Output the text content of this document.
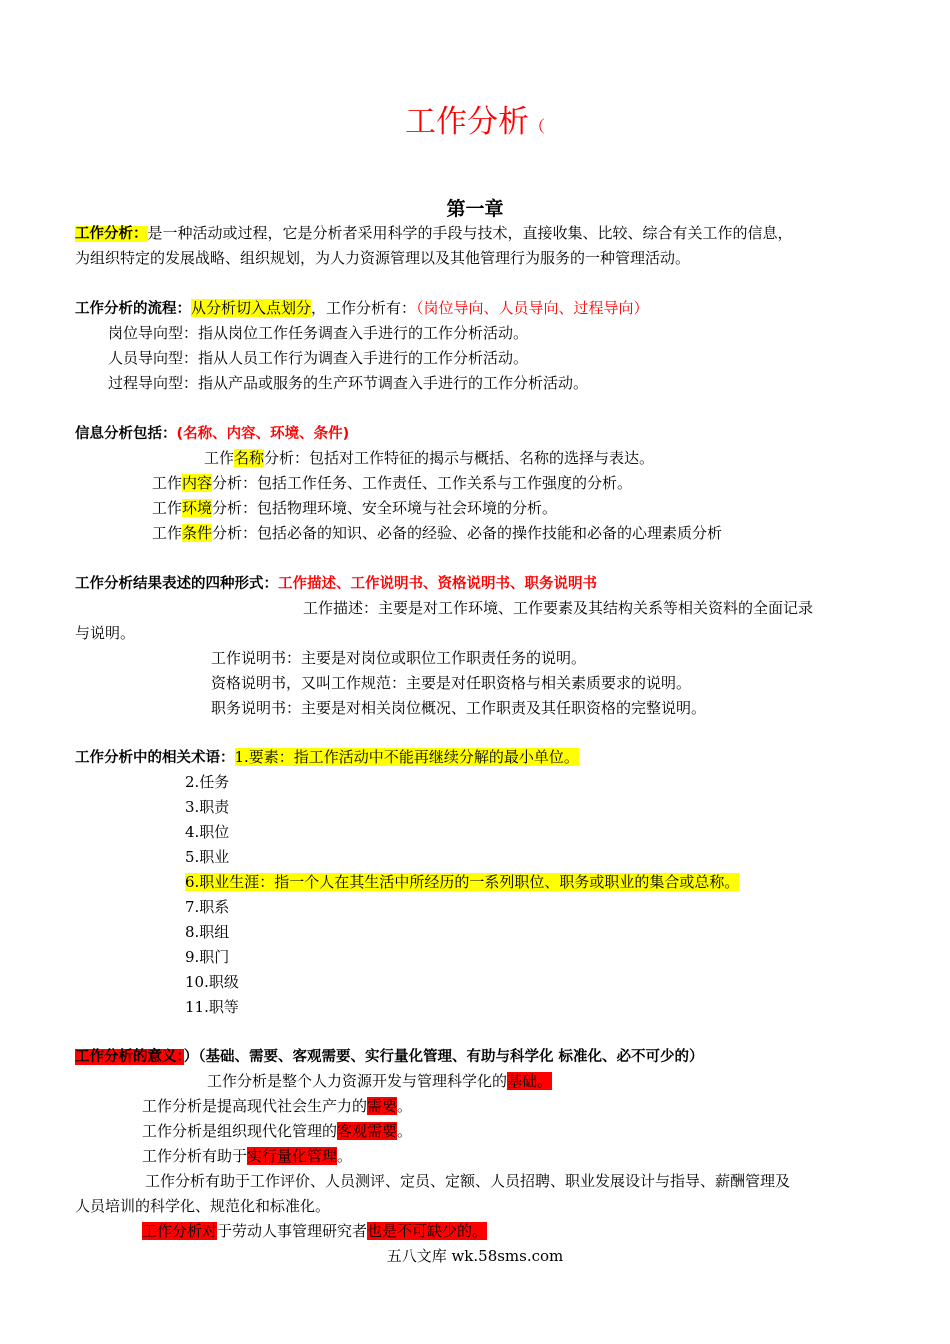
工作分析（
第一章
工作分析：是一种活动或过程，它是分析者采用科学的手段与技术，直接收集、比较、综合有关工作的信息，
为组织特定的发展战略、组织规划，为人力资源管理以及其他管理行为服务的一种管理活动。
工作分析的流程：从分析切入点划分，工作分析有：（岗位导向、人员导向、过程导向）
岗位导向型：指从岗位工作任务调查入手进行的工作分析活动。
人员导向型：指从人员工作行为调查入手进行的工作分析活动。
过程导向型：指从产品或服务的生产环节调查入手进行的工作分析活动。
信息分析包括：(名称、内容、环境、条件)
工作名称分析：包括对工作特征的揭示与概括、名称的选择与表达。
工作内容分析：包括工作任务、工作责任、工作关系与工作强度的分析。
工作环境分析：包括物理环境、安全环境与社会环境的分析。
工作条件分析：包括必备的知识、必备的经验、必备的操作技能和必备的心理素质分析
工作分析结果表述的四种形式：工作描述、工作说明书、资格说明书、职务说明书
工作描述：主要是对工作环境、工作要素及其结构关系等相关资料的全面记录
与说明。
工作说明书：主要是对岗位或职位工作职责任务的说明。
资格说明书，又叫工作规范：主要是对任职资格与相关素质要求的说明。
职务说明书：主要是对相关岗位概况、工作职责及其任职资格的完整说明。
工作分析中的相关术语：1.要素：指工作活动中不能再继续分解的最小单位。
2.任务
3.职责
4.职位
5.职业
6.职业生涯：指一个人在其生活中所经历的一系列职位、职务或职业的集合或总称。
7.职系
8.职组
9.职门
10.职级
11.职等
工作分析的意义：）（基础、需要、客观需要、实行量化管理、有助与科学化 标准化、必不可少的）
工作分析是整个人力资源开发与管理科学化的基础。
工作分析是提高现代社会生产力的需要。
工作分析是组织现代化管理的客观需要。
工作分析有助于实行量化管理。
工作分析有助于工作评价、人员测评、定员、定额、人员招聘、职业发展设计与指导、薪酬管理及
人员培训的科学化、规范化和标准化。
工作分析对于劳动人事管理研究者也是不可缺少的。
五八文库 wk.58sms.com
